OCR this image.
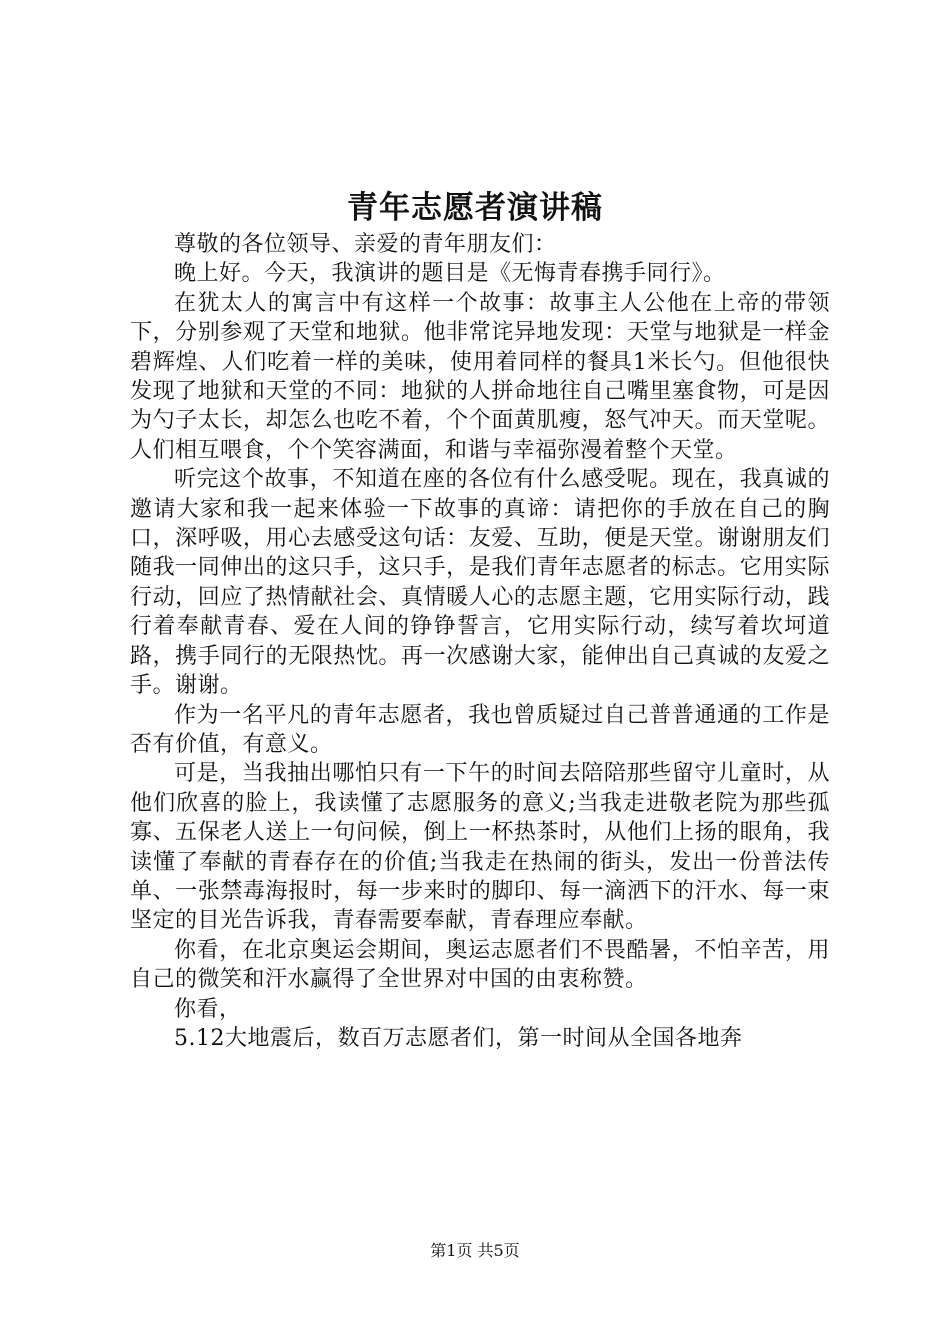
青年志愿者演讲稿

尊敬的各位领导、亲爱的青年朋友们：

晚上好。今天，我演讲的题目是《无悔青春携手同行》。

在犹太人的寓言中有这样一个故事：故事主人公他在上帝的带领下，分别参观了天堂和地狱。他非常诧异地发现：天堂与地狱是一样金碧辉煌、人们吃着一样的美味，使用着同样的餐具1米长勺。但他很快发现了地狱和天堂的不同：地狱的人拼命地往自己嘴里塞食物，可是因为勺子太长，却怎么也吃不着，个个面黄肌瘦，怒气冲天。而天堂呢。人们相互喂食，个个笑容满面，和谐与幸福弥漫着整个天堂。

听完这个故事，不知道在座的各位有什么感受呢。现在，我真诚的邀请大家和我一起来体验一下故事的真谛：请把你的手放在自己的胸口，深呼吸，用心去感受这句话：友爱、互助，便是天堂。谢谢朋友们随我一同伸出的这只手，这只手，是我们青年志愿者的标志。它用实际行动，回应了热情献社会、真情暖人心的志愿主题，它用实际行动，践行着奉献青春、爱在人间的铮铮誓言，它用实际行动，续写着坎坷道路，携手同行的无限热忱。再一次感谢大家，能伸出自己真诚的友爱之手。谢谢。

作为一名平凡的青年志愿者，我也曾质疑过自己普普通通的工作是否有价值，有意义。

可是，当我抽出哪怕只有一下午的时间去陪陪那些留守儿童时，从他们欣喜的脸上，我读懂了志愿服务的意义;当我走进敬老院为那些孤寡、五保老人送上一句问候，倒上一杯热茶时，从他们上扬的眼角，我读懂了奉献的青春存在的价值;当我走在热闹的街头，发出一份普法传单、一张禁毒海报时，每一步来时的脚印、每一滴洒下的汗水、每一束坚定的目光告诉我，青春需要奉献，青春理应奉献。

你看，在北京奥运会期间，奥运志愿者们不畏酷暑，不怕辛苦，用自己的微笑和汗水赢得了全世界对中国的由衷称赞。

你看，

5.12大地震后，数百万志愿者们，第一时间从全国各地奔

第1页 共5页
